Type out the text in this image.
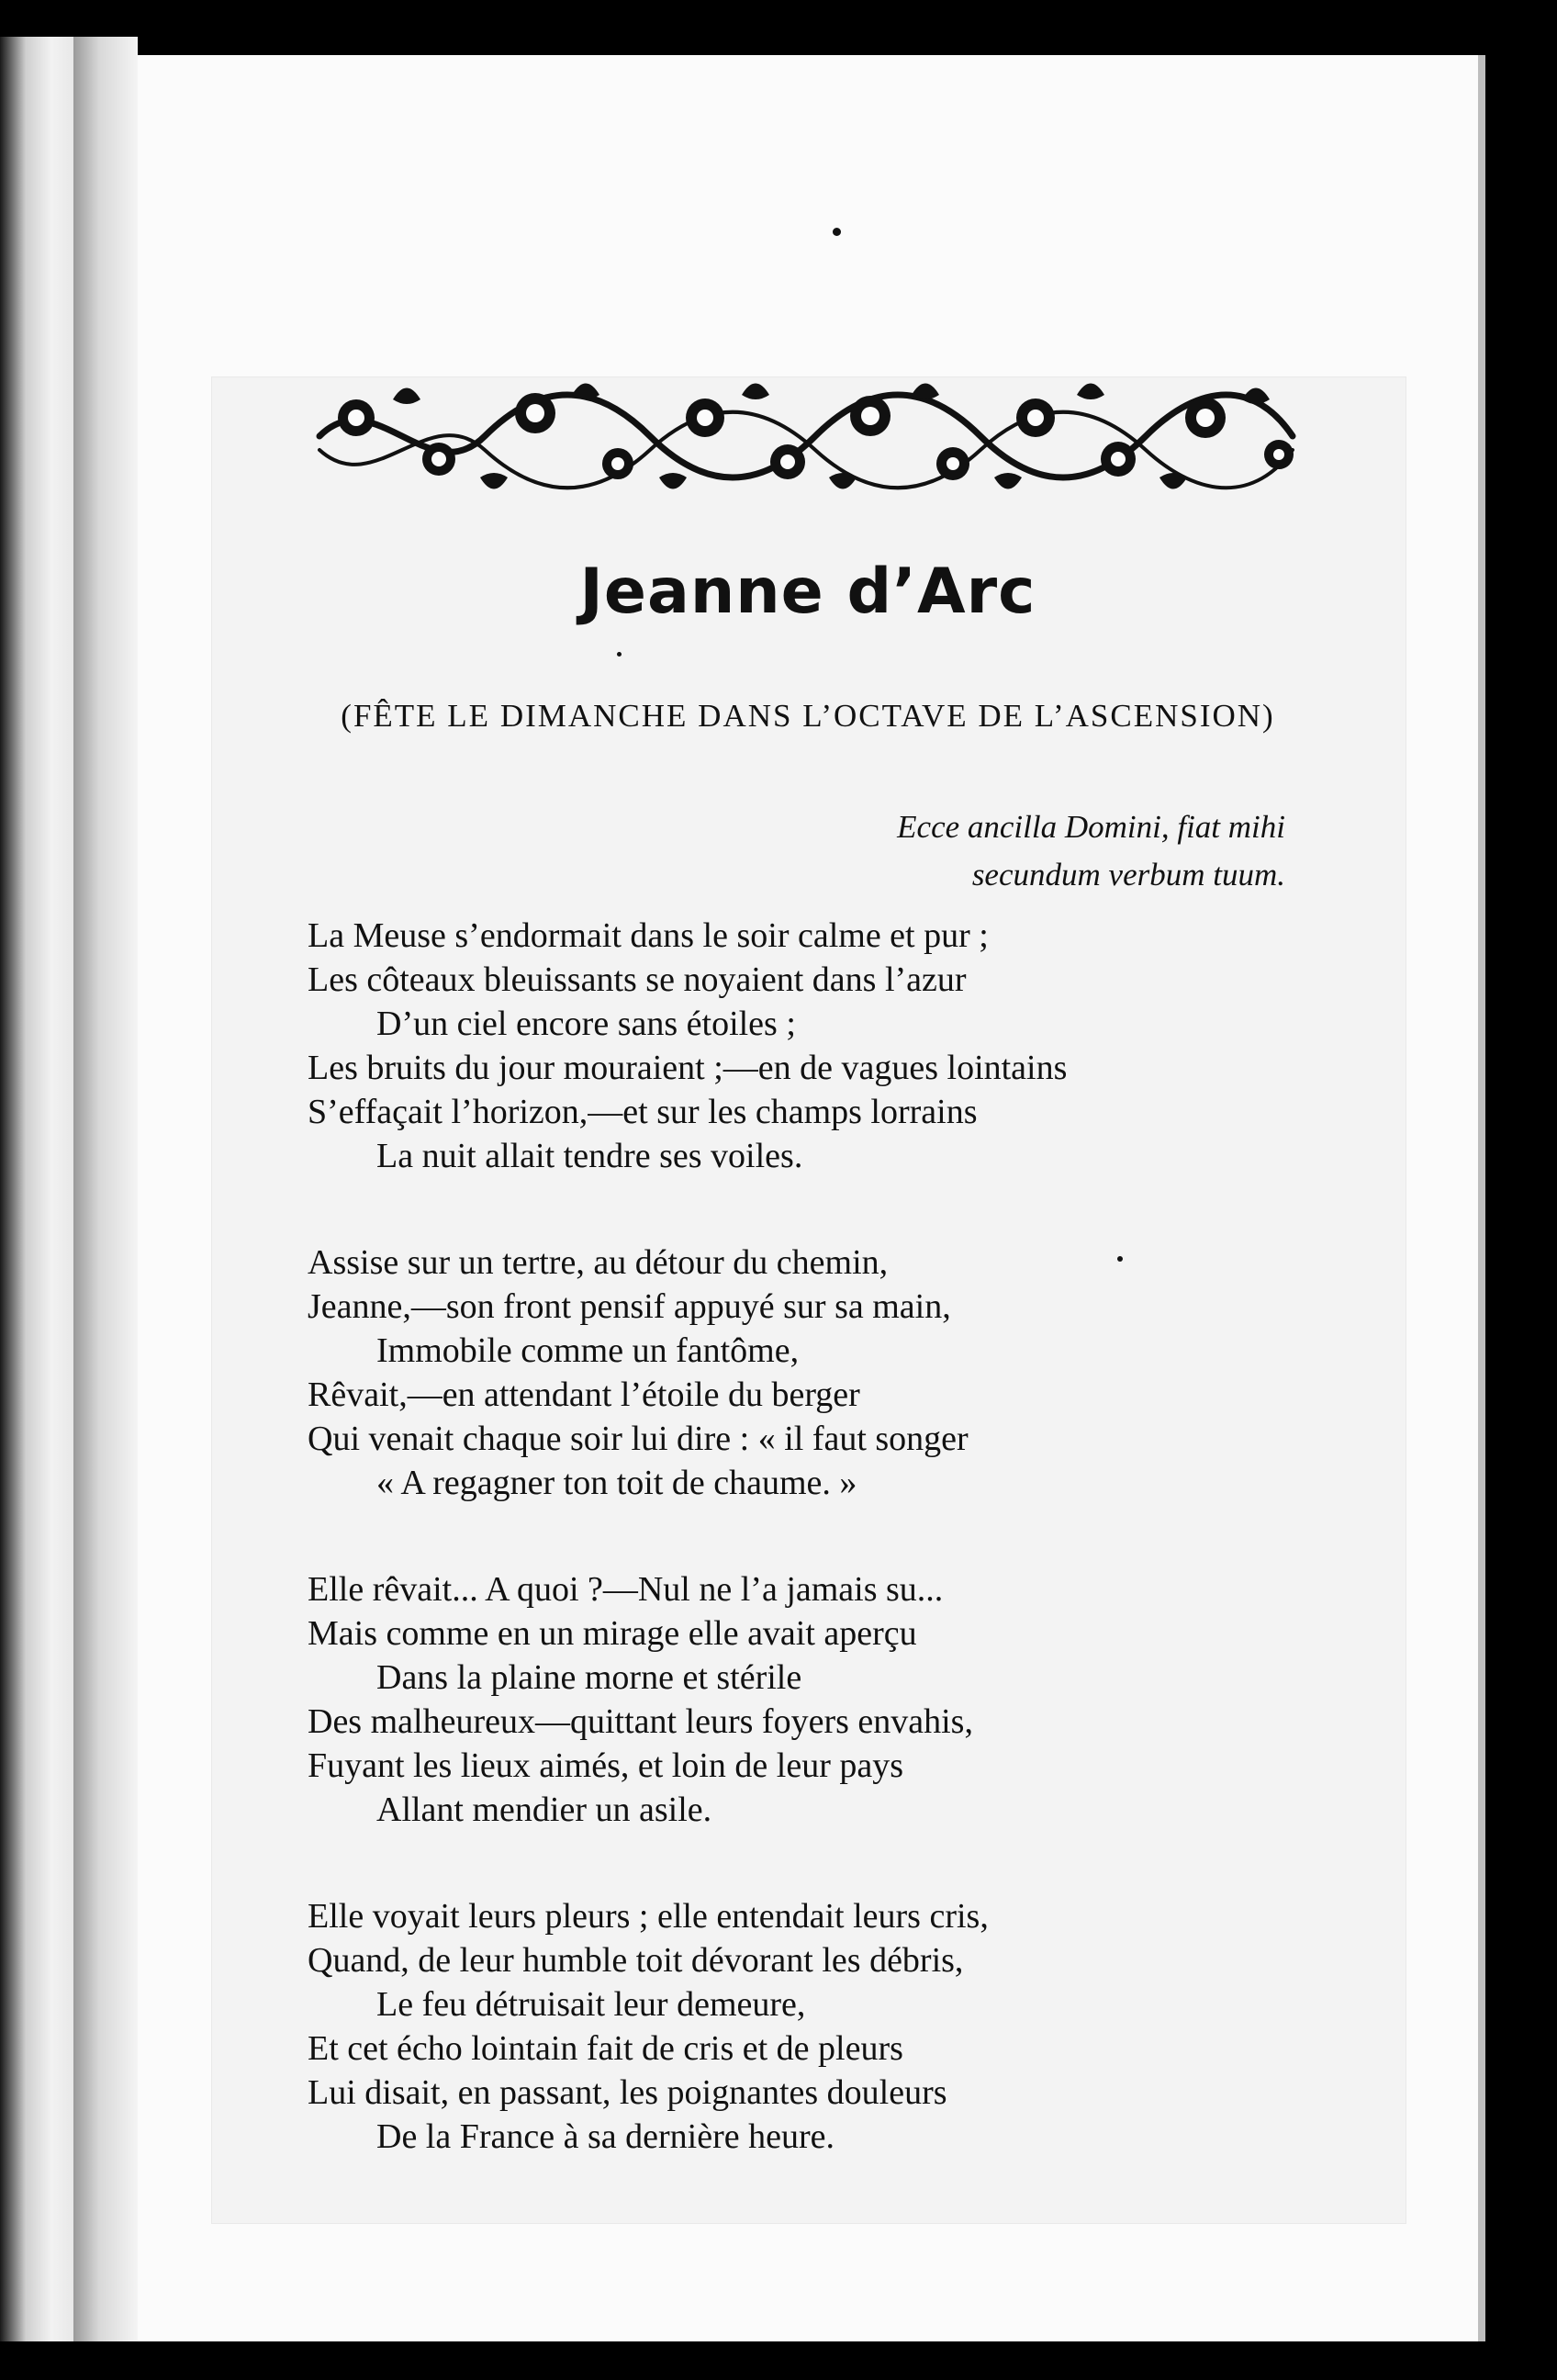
Jeanne d’Arc
(FÊTE LE DIMANCHE DANS L’OCTAVE DE L’ASCENSION)
Ecce ancilla Domini, fiat mihi
secundum verbum tuum.
La Meuse s’endormait dans le soir calme et pur ;
Les côteaux bleuissants se noyaient dans l’azur
D’un ciel encore sans étoiles ;
Les bruits du jour mouraient ;—en de vagues lointains
S’effaçait l’horizon,—et sur les champs lorrains
La nuit allait tendre ses voiles.
Assise sur un tertre, au détour du chemin,
Jeanne,—son front pensif appuyé sur sa main,
Immobile comme un fantôme,
Rêvait,—en attendant l’étoile du berger
Qui venait chaque soir lui dire : « il faut songer
« A regagner ton toit de chaume. »
Elle rêvait... A quoi ?—Nul ne l’a jamais su...
Mais comme en un mirage elle avait aperçu
Dans la plaine morne et stérile
Des malheureux—quittant leurs foyers envahis,
Fuyant les lieux aimés, et loin de leur pays
Allant mendier un asile.
Elle voyait leurs pleurs ; elle entendait leurs cris,
Quand, de leur humble toit dévorant les débris,
Le feu détruisait leur demeure,
Et cet écho lointain fait de cris et de pleurs
Lui disait, en passant, les poignantes douleurs
De la France à sa dernière heure.
